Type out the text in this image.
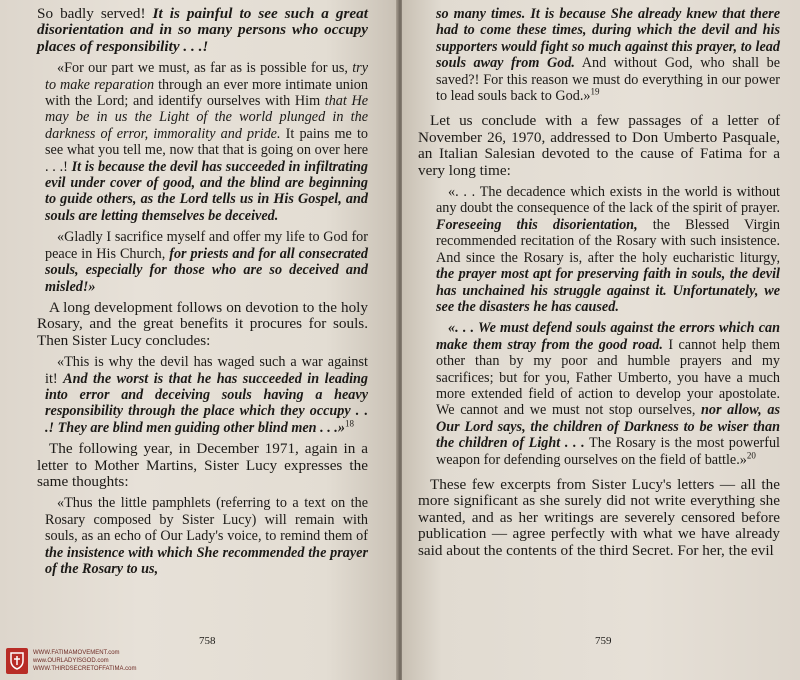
So badly served! It is painful to see such a great disorientation and in so many persons who occupy places of responsibility . . .!

«For our part we must, as far as is possible for us, try to make reparation through an ever more intimate union with the Lord; and identify ourselves with Him that He may be in us the Light of the world plunged in the darkness of error, immorality and pride. It pains me to see what you tell me, now that that is going on over here . . .! It is because the devil has succeeded in infiltrating evil under cover of good, and the blind are beginning to guide others, as the Lord tells us in His Gospel, and souls are letting themselves be deceived.

«Gladly I sacrifice myself and offer my life to God for peace in His Church, for priests and for all consecrated souls, especially for those who are so deceived and misled!»

A long development follows on devotion to the holy Rosary, and the great benefits it procures for souls. Then Sister Lucy concludes:

«This is why the devil has waged such a war against it! And the worst is that he has succeeded in leading into error and deceiving souls having a heavy responsibility through the place which they occupy . . .! They are blind men guiding other blind men . . .»$^{18}$

The following year, in December 1971, again in a letter to Mother Martins, Sister Lucy expresses the same thoughts:

«Thus the little pamphlets (referring to a text on the Rosary composed by Sister Lucy) will remain with souls, as an echo of Our Lady's voice, to remind them of the insistence with which She recommended the prayer of the Rosary to us,

758
WWW.FATIMAMOVEMENT.com
www.OURLADYISGOD.com
WWW.THIRDSECRETOFFATIMA.com

so many times. It is because She already knew that there had to come these times, during which the devil and his supporters would fight so much against this prayer, to lead souls away from God. And without God, who shall be saved?! For this reason we must do everything in our power to lead souls back to God.»$^{19}$

Let us conclude with a few passages of a letter of November 26, 1970, addressed to Don Umberto Pasquale, an Italian Salesian devoted to the cause of Fatima for a very long time:

«. . . The decadence which exists in the world is without any doubt the consequence of the lack of the spirit of prayer. Foreseeing this disorientation, the Blessed Virgin recommended recitation of the Rosary with such insistence. And since the Rosary is, after the holy eucharistic liturgy, the prayer most apt for preserving faith in souls, the devil has unchained his struggle against it. Unfortunately, we see the disasters he has caused.

«. . . We must defend souls against the errors which can make them stray from the good road. I cannot help them other than by my poor and humble prayers and my sacrifices; but for you, Father Umberto, you have a much more extended field of action to develop your apostolate. We cannot and we must not stop ourselves, nor allow, as Our Lord says, the children of Darkness to be wiser than the children of Light . . . The Rosary is the most powerful weapon for defending ourselves on the field of battle.»$^{20}$

These few excerpts from Sister Lucy's letters — all the more significant as she surely did not write everything she wanted, and as her writings are severely censored before publication — agree perfectly with what we have already said about the contents of the third Secret. For her, the evil

759
